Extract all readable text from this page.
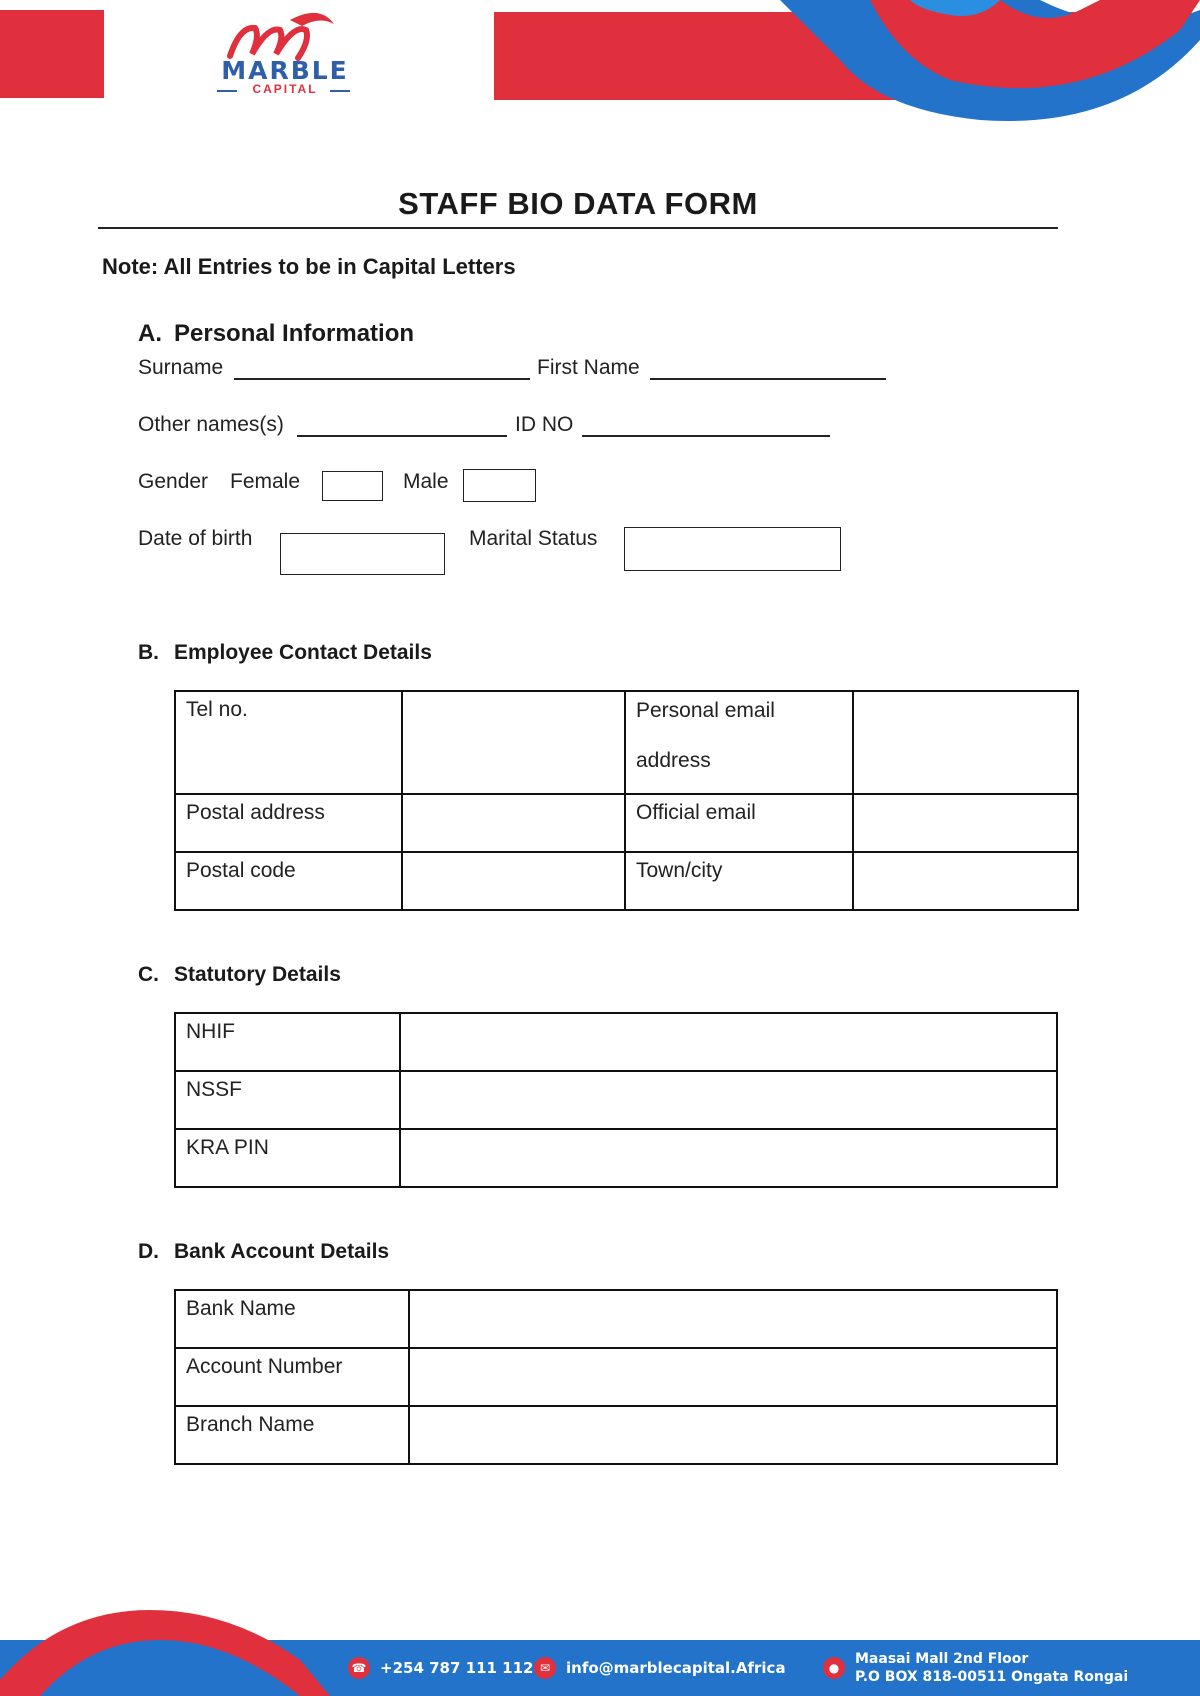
MARBLE
CAPITAL
STAFF BIO DATA FORM
Note: All Entries to be in Capital Letters
A. Personal Information
Surname	First Name
Other names(s)	ID NO
Gender Female	Male
Date of birth	Marital Status
B. Employee Contact Details
Tel no.		Personal email
address	

Postal address		Official email	
Postal code		Town/city	
C. Statutory Details
NHIF	
NSSF	
KRA PIN	
D. Bank Account Details
Bank Name	
Account Number	
Branch Name	
☎ +254 787 111 112 ✉	info@marblecapital.Africa	●
Maasai Mall 2nd Floor
P.O BOX 818-00511 Ongata Rongai
